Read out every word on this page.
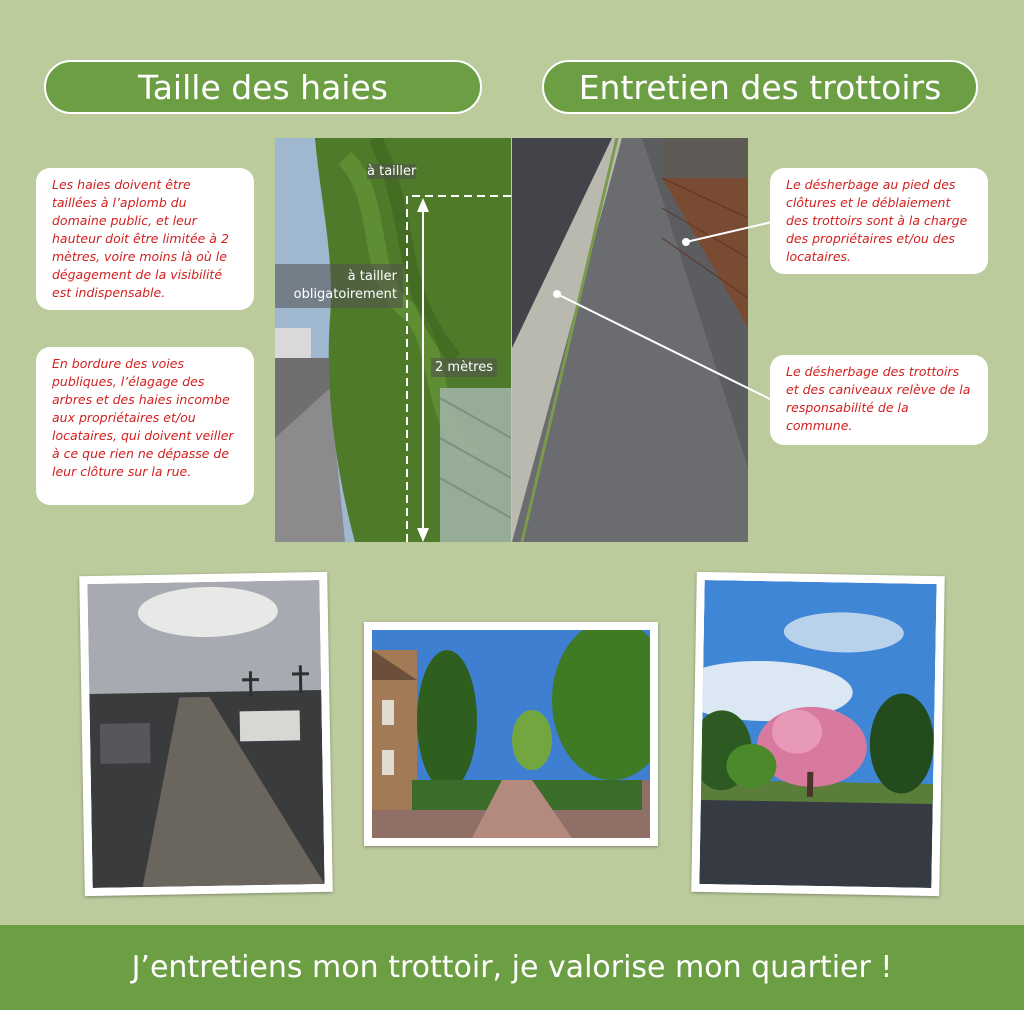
Taille des haies	Entretien des trottoirs
Les haies doivent être taillées à l’aplomb du domaine public, et leur hauteur doit être limitée à 2 mètres, voire moins là où le dégagement de la visibilité est indispensable.
En bordure des voies publiques, l’élagage des arbres et des haies incombe aux propriétaires et/ou locataires, qui doivent veiller à ce que rien ne dépasse de leur clôture sur la rue.
Le désherbage au pied des clôtures et le déblaiement des trottoirs sont à la charge des propriétaires et/ou des locataires.
Le désherbage des trottoirs et des caniveaux relève de la responsabilité de la commune.
à tailler
à tailler obligatoirement
2 mètres
J’entretiens mon trottoir, je valorise mon quartier !
